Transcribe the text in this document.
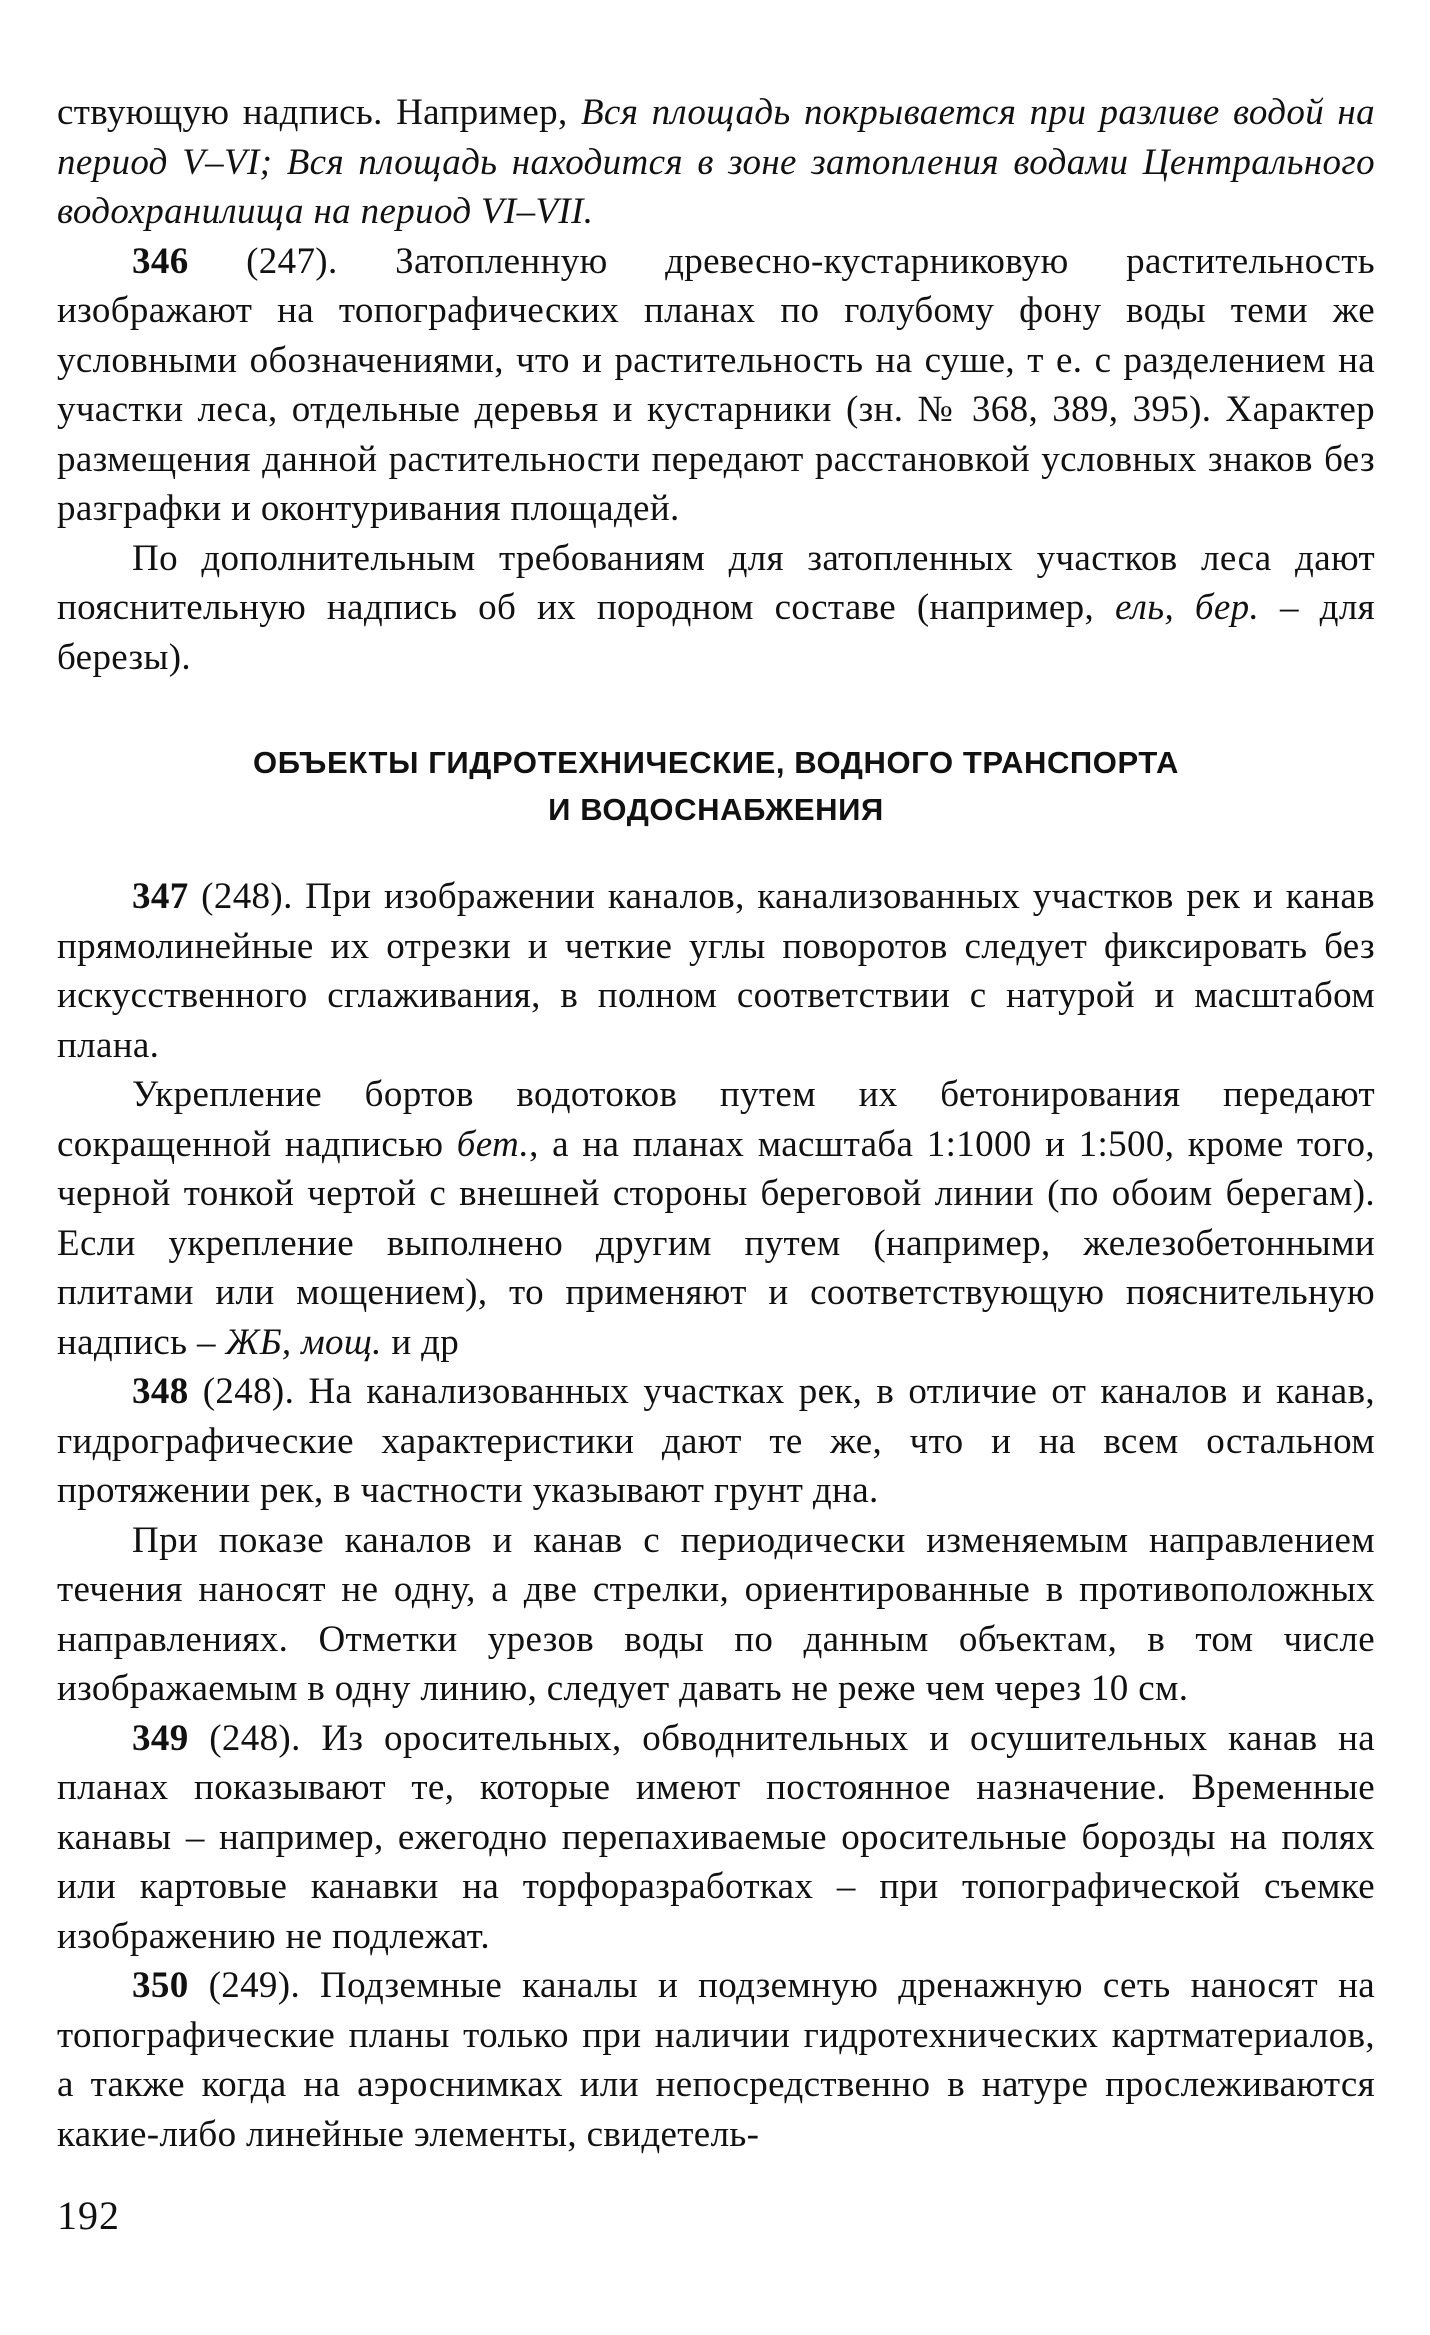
ствующую надпись. Например, Вся площадь покрывается при разливе водой на период V–VI; Вся площадь находится в зоне затопления водами Центрального водохранилища на период VI–VII.

346 (247). Затопленную древесно-кустарниковую растительность изображают на топографических планах по голубому фону воды теми же условными обозначениями, что и растительность на суше, т е. с разделением на участки леса, отдельные деревья и кустарники (зн. № 368, 389, 395). Характер размещения данной растительности передают расстановкой условных знаков без разграфки и оконтуривания площадей.

По дополнительным требованиям для затопленных участков леса дают пояснительную надпись об их породном составе (например, ель, бер. – для березы).

ОБЪЕКТЫ ГИДРОТЕХНИЧЕСКИЕ, ВОДНОГО ТРАНСПОРТА
И ВОДОСНАБЖЕНИЯ

347 (248). При изображении каналов, канализованных участков рек и канав прямолинейные их отрезки и четкие углы поворотов следует фиксировать без искусственного сглаживания, в полном соответствии с натурой и масштабом плана.

Укрепление бортов водотоков путем их бетонирования передают сокращенной надписью бет., а на планах масштаба 1:1000 и 1:500, кроме того, черной тонкой чертой с внешней стороны береговой линии (по обоим берегам). Если укрепление выполнено другим путем (например, железобетонными плитами или мощением), то применяют и соответствующую пояснительную надпись – ЖБ, мощ. и др

348 (248). На канализованных участках рек, в отличие от каналов и канав, гидрографические характеристики дают те же, что и на всем остальном протяжении рек, в частности указывают грунт дна.

При показе каналов и канав с периодически изменяемым направлением течения наносят не одну, а две стрелки, ориентированные в противоположных направлениях. Отметки урезов воды по данным объектам, в том числе изображаемым в одну линию, следует давать не реже чем через 10 см.

349 (248). Из оросительных, обводнительных и осушительных канав на планах показывают те, которые имеют постоянное назначение. Временные канавы – например, ежегодно перепахиваемые оросительные борозды на полях или картовые канавки на торфоразработках – при топографической съемке изображению не подлежат.

350 (249). Подземные каналы и подземную дренажную сеть наносят на топографические планы только при наличии гидротехнических картматериалов, а также когда на аэроснимках или непосредственно в натуре прослеживаются какие-либо линейные элементы, свидетель-

192
